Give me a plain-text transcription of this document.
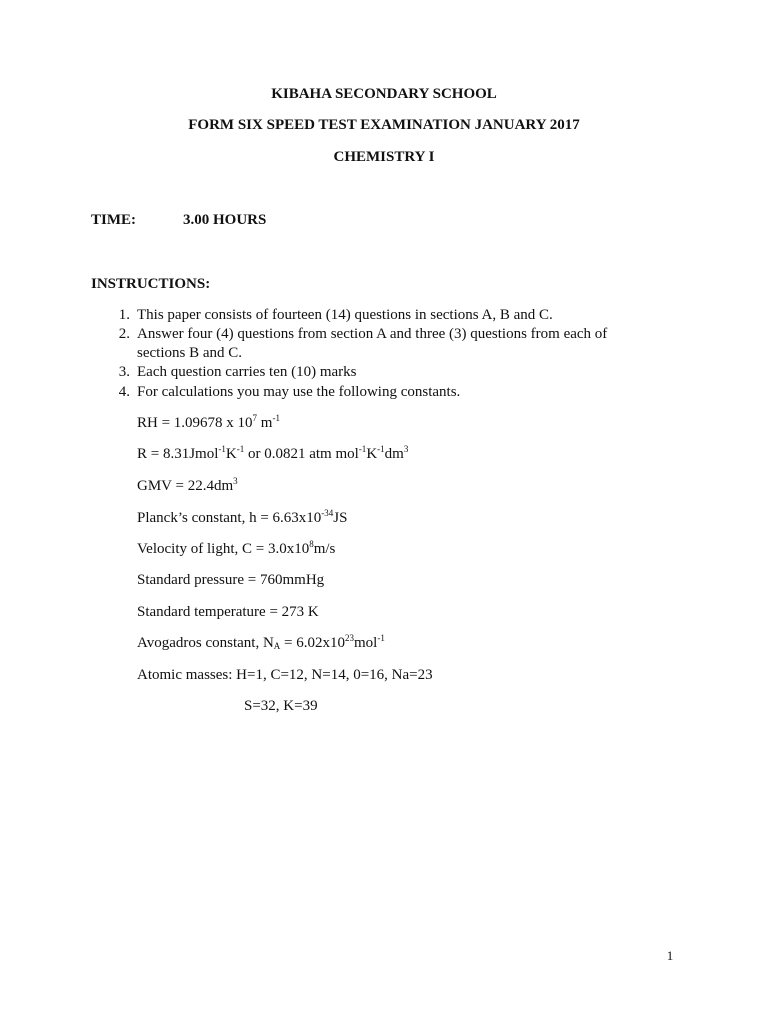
KIBAHA SECONDARY SCHOOL
FORM SIX SPEED TEST EXAMINATION JANUARY 2017
CHEMISTRY I
TIME:	3.00 HOURS
INSTRUCTIONS:
1. This paper consists of fourteen (14) questions in sections A, B and C.
2. Answer four (4) questions from section A and three (3) questions from each of
sections B and C.
3. Each question carries ten (10) marks
4. For calculations you may use the following constants.
RH = 1.09678 x $10^7$ $m^{-1}$
$R = 8.31Jmol^{-1}K^{-1}$ or 0.0821 atm $mol^{-1}K^{-1}dm^3$
GMV = $22.4dm^3$
Planck’s constant, $h = 6.63x10^{-34}JS$
Velocity of light, $C = 3.0x10^8m/s$
Standard pressure = 760mmHg
Standard temperature = 273 K
Avogadros constant, $N_A = 6.02x10^{23}mol^{-1}$
Atomic masses: H=1, C=12, N=14, 0=16, Na=23
S=32, K=39
1
